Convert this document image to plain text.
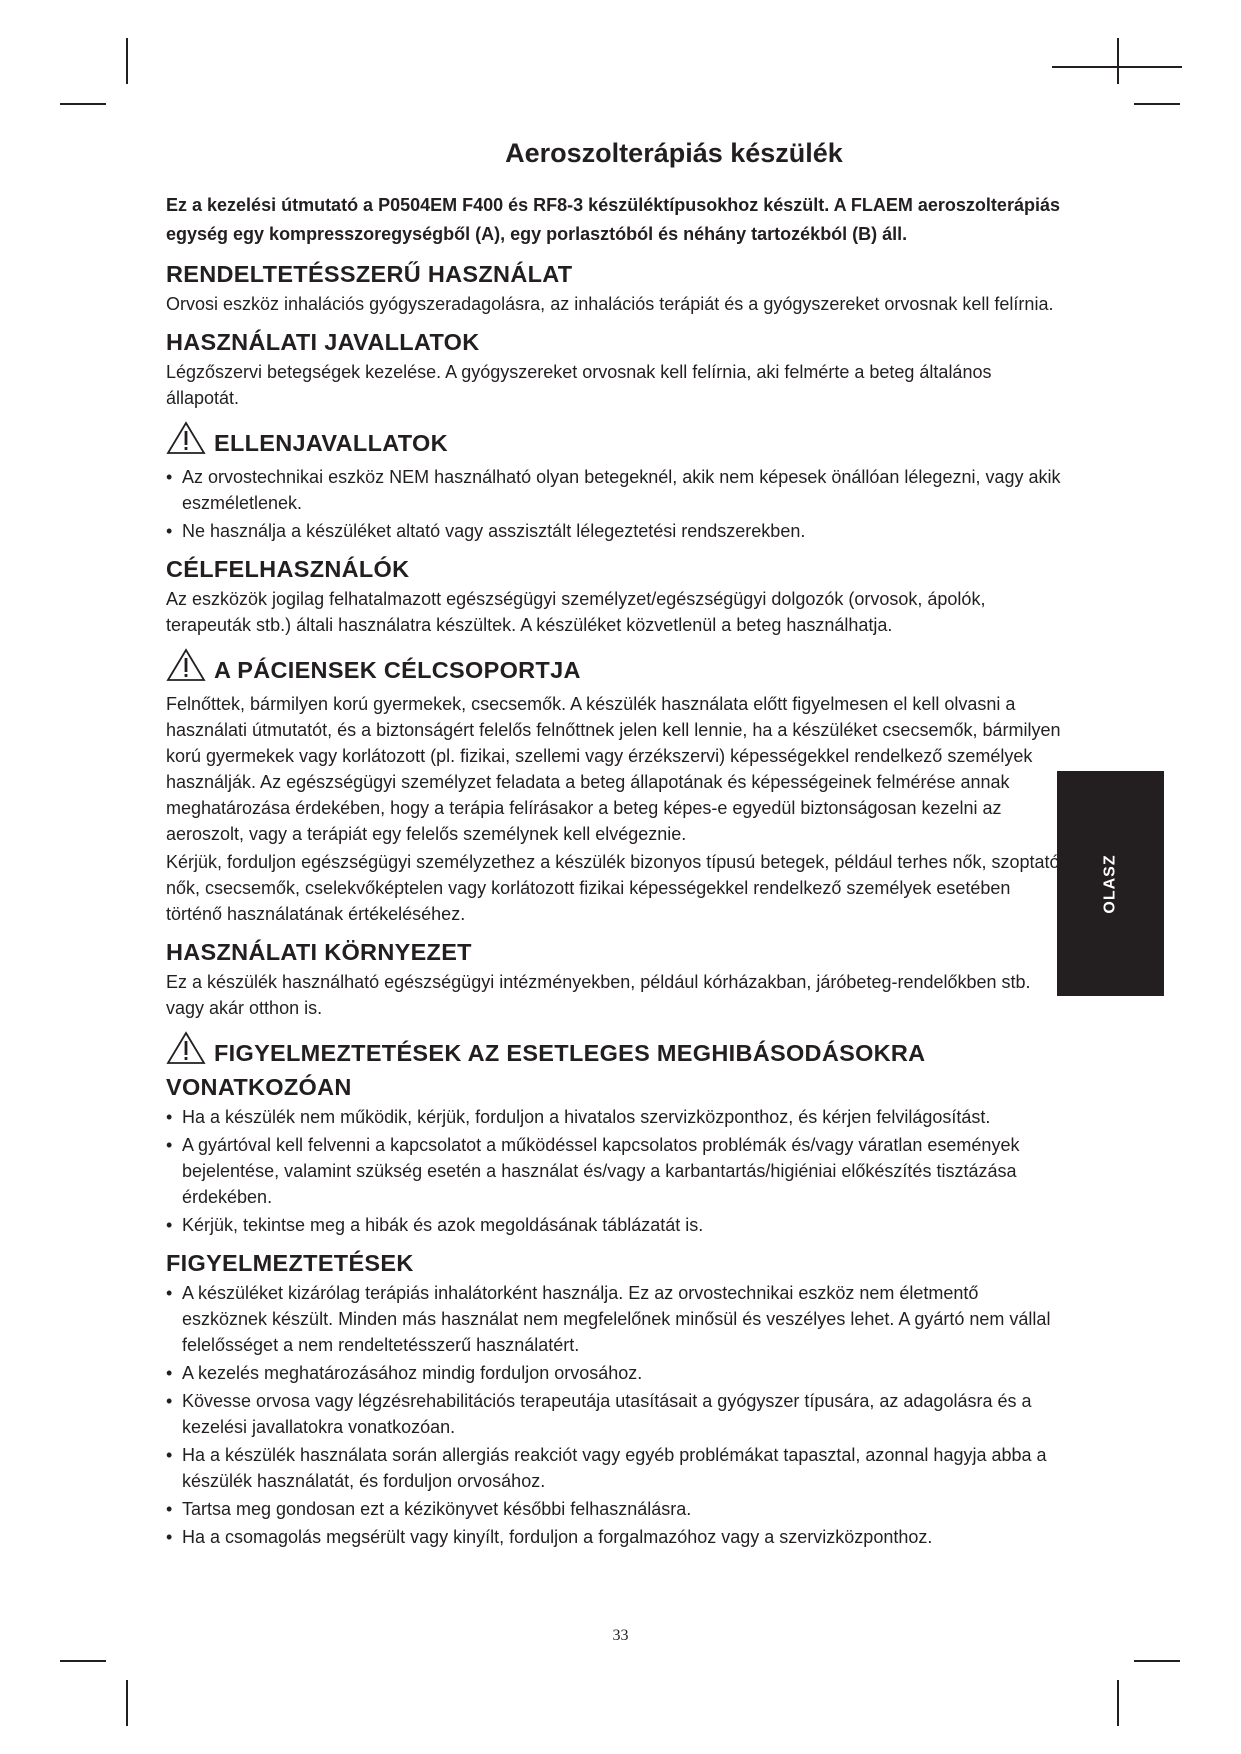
OLASZ
Aeroszolterápiás készülék

Ez a kezelési útmutató a P0504EM F400 és RF8-3 készüléktípusokhoz készült. A FLAEM aeroszolterápiás egység egy kompresszoregységből (A), egy porlasztóból és néhány tartozékból (B) áll.

RENDELTETÉSSZERŰ HASZNÁLAT

Orvosi eszköz inhalációs gyógyszeradagolásra, az inhalációs terápiát és a gyógyszereket orvosnak kell felírnia.

HASZNÁLATI JAVALLATOK

Légzőszervi betegségek kezelése. A gyógyszereket orvosnak kell felírnia, aki felmérte a beteg általános állapotát.

ELLENJAVALLATOK
• Az orvostechnikai eszköz NEM használható olyan betegeknél, akik nem képesek önállóan lélegezni, vagy akik eszméletlenek.
• Ne használja a készüléket altató vagy asszisztált lélegeztetési rendszerekben.
CÉLFELHASZNÁLÓK

Az eszközök jogilag felhatalmazott egészségügyi személyzet/egészségügyi dolgozók (orvosok, ápolók, terapeuták stb.) általi használatra készültek. A készüléket közvetlenül a beteg használhatja.

A PÁCIENSEK CÉLCSOPORTJA

Felnőttek, bármilyen korú gyermekek, csecsemők. A készülék használata előtt figyelmesen el kell olvasni a használati útmutatót, és a biztonságért felelős felnőttnek jelen kell lennie, ha a készüléket csecsemők, bármilyen korú gyermekek vagy korlátozott (pl. fizikai, szellemi vagy érzékszervi) képességekkel rendelkező személyek használják. Az egészségügyi személyzet feladata a beteg állapotának és képességeinek felmérése annak meghatározása érdekében, hogy a terápia felírásakor a beteg képes-e egyedül biztonságosan kezelni az aeroszolt, vagy a terápiát egy felelős személynek kell elvégeznie.

Kérjük, forduljon egészségügyi személyzethez a készülék bizonyos típusú betegek, például terhes nők, szoptató nők, csecsemők, cselekvőképtelen vagy korlátozott fizikai képességekkel rendelkező személyek esetében történő használatának értékeléséhez.

HASZNÁLATI KÖRNYEZET

Ez a készülék használható egészségügyi intézményekben, például kórházakban, járóbeteg-rendelőkben stb. vagy akár otthon is.

FIGYELMEZTETÉSEK AZ ESETLEGES MEGHIBÁSODÁSOKRA VONATKOZÓAN
• Ha a készülék nem működik, kérjük, forduljon a hivatalos szervizközponthoz, és kérjen felvilágosítást.
• A gyártóval kell felvenni a kapcsolatot a működéssel kapcsolatos problémák és/vagy váratlan események bejelentése, valamint szükség esetén a használat és/vagy a karbantartás/higiéniai előkészítés tisztázása érdekében.
• Kérjük, tekintse meg a hibák és azok megoldásának táblázatát is.
FIGYELMEZTETÉSEK
• A készüléket kizárólag terápiás inhalátorként használja. Ez az orvostechnikai eszköz nem életmentő eszköznek készült. Minden más használat nem megfelelőnek minősül és veszélyes lehet. A gyártó nem vállal felelősséget a nem rendeltetésszerű használatért.
• A kezelés meghatározásához mindig forduljon orvosához.
• Kövesse orvosa vagy légzésrehabilitációs terapeutája utasításait a gyógyszer típusára, az adagolásra és a kezelési javallatokra vonatkozóan.
• Ha a készülék használata során allergiás reakciót vagy egyéb problémákat tapasztal, azonnal hagyja abba a készülék használatát, és forduljon orvosához.
• Tartsa meg gondosan ezt a kézikönyvet későbbi felhasználásra.
• Ha a csomagolás megsérült vagy kinyílt, forduljon a forgalmazóhoz vagy a szervizközponthoz.
33
